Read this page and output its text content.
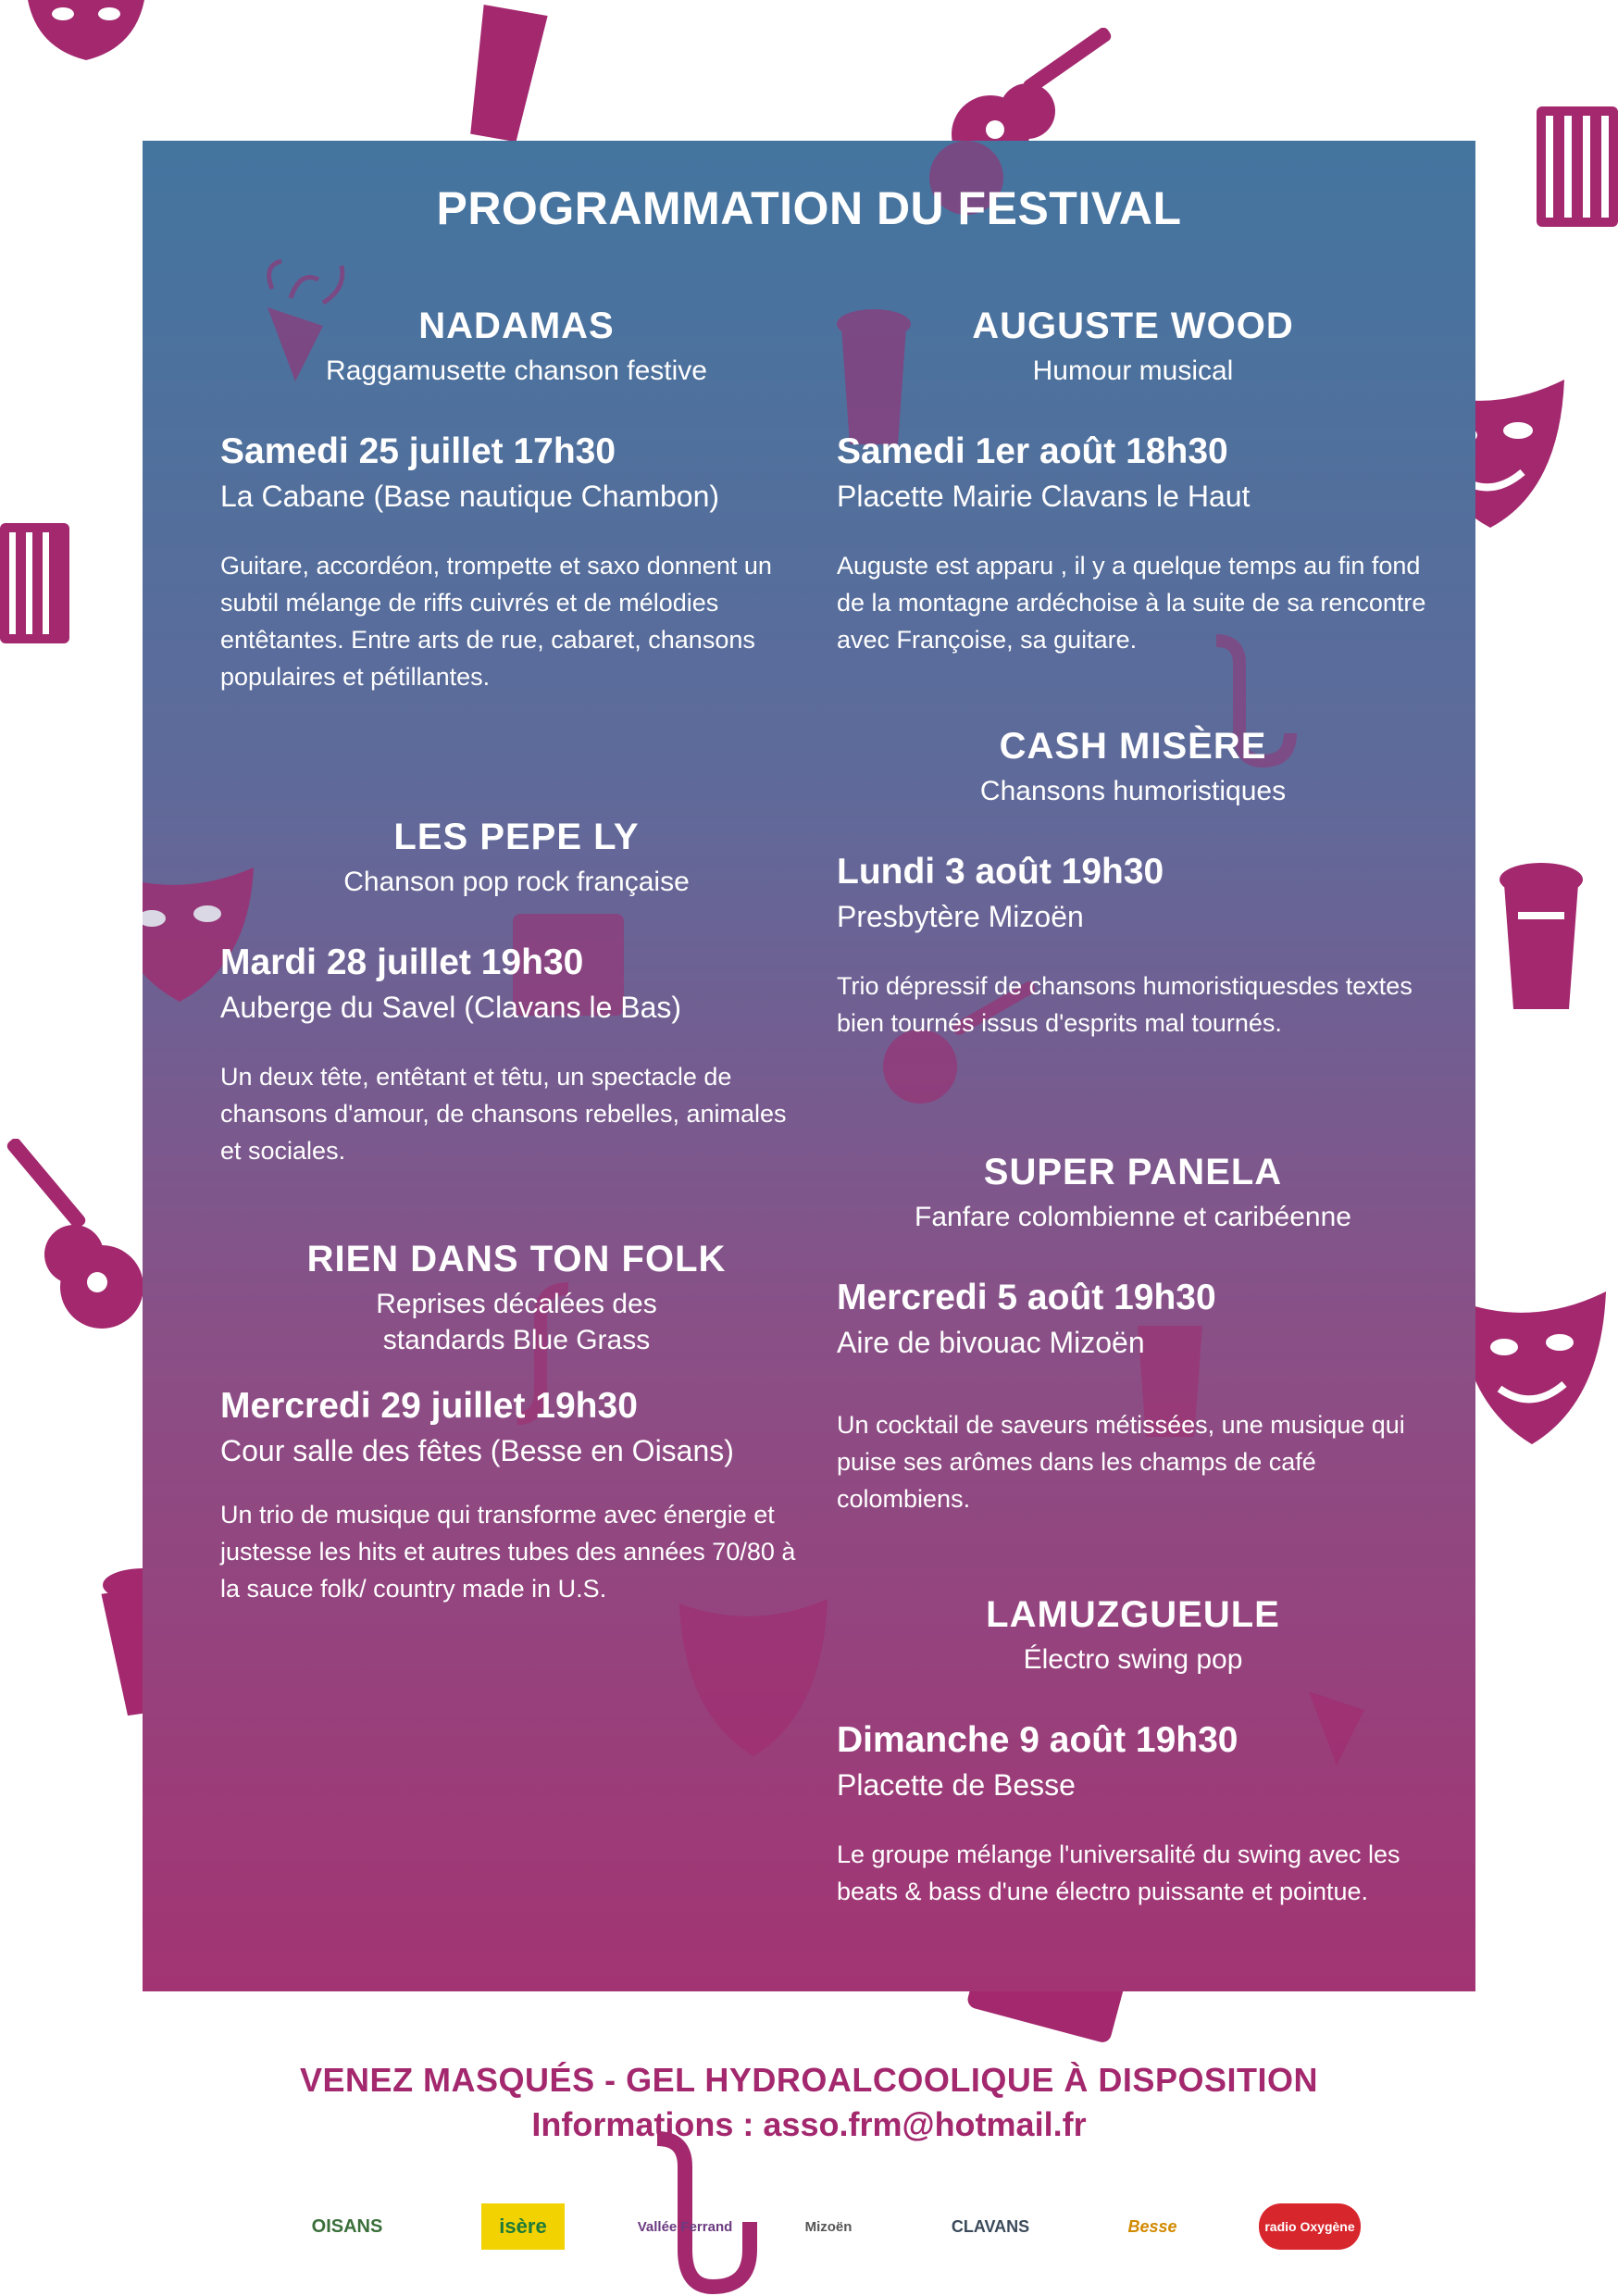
PROGRAMMATION DU FESTIVAL
NADAMAS
Raggamusette chanson festive
Samedi 25 juillet 17h30
La Cabane (Base nautique Chambon)
Guitare, accordéon, trompette et saxo donnent un subtil mélange de riffs cuivrés et de mélodies entêtantes. Entre arts de rue, cabaret, chansons populaires et pétillantes.
LES PEPE LY
Chanson pop rock française
Mardi 28 juillet 19h30
Auberge du Savel (Clavans le Bas)
Un deux tête, entêtant et têtu, un spectacle de chansons d'amour, de chansons rebelles, animales et sociales.
RIEN DANS TON FOLK
Reprises décalées des standards Blue Grass
Mercredi 29 juillet 19h30
Cour salle des fêtes (Besse en Oisans)
Un trio de musique qui transforme avec énergie et justesse les hits et autres tubes des années 70/80 à la sauce folk/ country made in U.S.
AUGUSTE WOOD
Humour musical
Samedi 1er août 18h30
Placette Mairie Clavans le Haut
Auguste est apparu , il y a quelque temps au fin fond de la montagne ardéchoise à la suite de sa rencontre avec Françoise, sa guitare.
CASH MISÈRE
Chansons humoristiques
Lundi 3 août 19h30
Presbytère Mizoën
Trio dépressif de chansons humoristiquesdes textes bien tournés issus d'esprits mal tournés.
SUPER PANELA
Fanfare colombienne et caribéenne
Mercredi 5 août 19h30
Aire de bivouac Mizoën
Un cocktail de saveurs métissées, une musique qui puise ses arômes dans les champs de café colombiens.
LAMUZGUEULE
Électro swing pop
Dimanche 9 août 19h30
Placette de Besse
Le groupe mélange l'universalité du swing avec les beats & bass d'une électro puissante et pointue.
VENEZ MASQUÉS - GEL HYDROALCOOLIQUE À DISPOSITION
Informations : asso.frm@hotmail.fr
OISANS	isère	Vallée Ferrand	Mizoën	CLAVANS	Besse	radio Oxygène
